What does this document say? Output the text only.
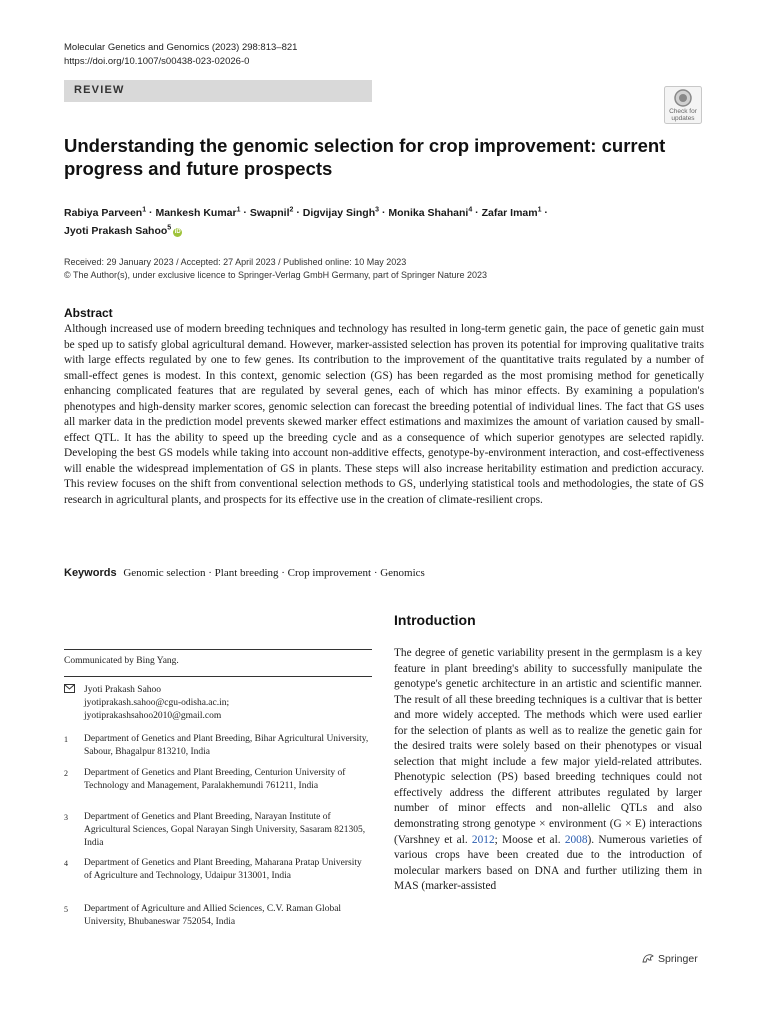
Molecular Genetics and Genomics (2023) 298:813–821
https://doi.org/10.1007/s00438-023-02026-0
REVIEW
Check for
updates
Understanding the genomic selection for crop improvement: current progress and future prospects
Rabiya Parveen$^1$ · Mankesh Kumar$^1$ · Swapnil$^2$ · Digvijay Singh$^3$ · Monika Shahani$^4$ · Zafar Imam$^1$ ·
Jyoti Prakash Sahoo$^5$iD
Received: 29 January 2023 / Accepted: 27 April 2023 / Published online: 10 May 2023
© The Author(s), under exclusive licence to Springer-Verlag GmbH Germany, part of Springer Nature 2023
Abstract
Although increased use of modern breeding techniques and technology has resulted in long-term genetic gain, the pace of genetic gain must be sped up to satisfy global agricultural demand. However, marker-assisted selection has proven its potential for improving qualitative traits with large effects regulated by one to few genes. Its contribution to the improvement of the quantitative traits regulated by a number of small-effect genes is modest. In this context, genomic selection (GS) has been regarded as the most promising method for genetically enhancing complicated features that are regulated by several genes, each of which has minor effects. By examining a population's phenotypes and high-density marker scores, genomic selection can forecast the breeding potential of individual lines. The fact that GS uses all marker data in the prediction model prevents skewed marker effect estimations and maximizes the amount of variation caused by small-effect QTL. It has the ability to speed up the breeding cycle and as a consequence of which superior genotypes are selected rapidly. Developing the best GS models while taking into account non-additive effects, genotype-by-environment interaction, and cost-effectiveness will enable the widespread implementation of GS in plants. These steps will also increase heritability estimation and prediction accuracy. This review focuses on the shift from conventional selection methods to GS, underlying statistical tools and methodologies, the state of GS research in agricultural plants, and prospects for its effective use in the creation of climate-resilient crops.
Keywords Genomic selection · Plant breeding · Crop improvement · Genomics
Introduction
The degree of genetic variability present in the germplasm is a key feature in plant breeding's ability to successfully manipulate the genotype's genetic architecture in an artistic and scientific manner. The result of all these breeding techniques is a cultivar that is better and more widely accepted. The methods which were used earlier for the selection of plants as well as to realize the genetic gain for the desired traits were solely based on their phenotypes or visual selection that might include a few major yield-related attributes. Phenotypic selection (PS) based breeding techniques could not effectively address the different attributes regulated by larger number of minor effects and non-allelic QTLs and also demonstrating strong genotype × environment (G × E) interactions (Varshney et al. 2012; Moose et al. 2008). Numerous varieties of various crops have been created due to the introduction of molecular markers based on DNA and further utilizing them in MAS (marker-assisted
Communicated by Bing Yang.
Jyoti Prakash Sahoo
jyotiprakash.sahoo@cgu-odisha.ac.in;
jyotiprakashsahoo2010@gmail.com
1 Department of Genetics and Plant Breeding, Bihar Agricultural University, Sabour, Bhagalpur 813210, India
2 Department of Genetics and Plant Breeding, Centurion University of Technology and Management, Paralakhemundi 761211, India
3 Department of Genetics and Plant Breeding, Narayan Institute of Agricultural Sciences, Gopal Narayan Singh University, Sasaram 821305, India
4 Department of Genetics and Plant Breeding, Maharana Pratap University of Agriculture and Technology, Udaipur 313001, India
5 Department of Agriculture and Allied Sciences, C.V. Raman Global University, Bhubaneswar 752054, India
Springer
